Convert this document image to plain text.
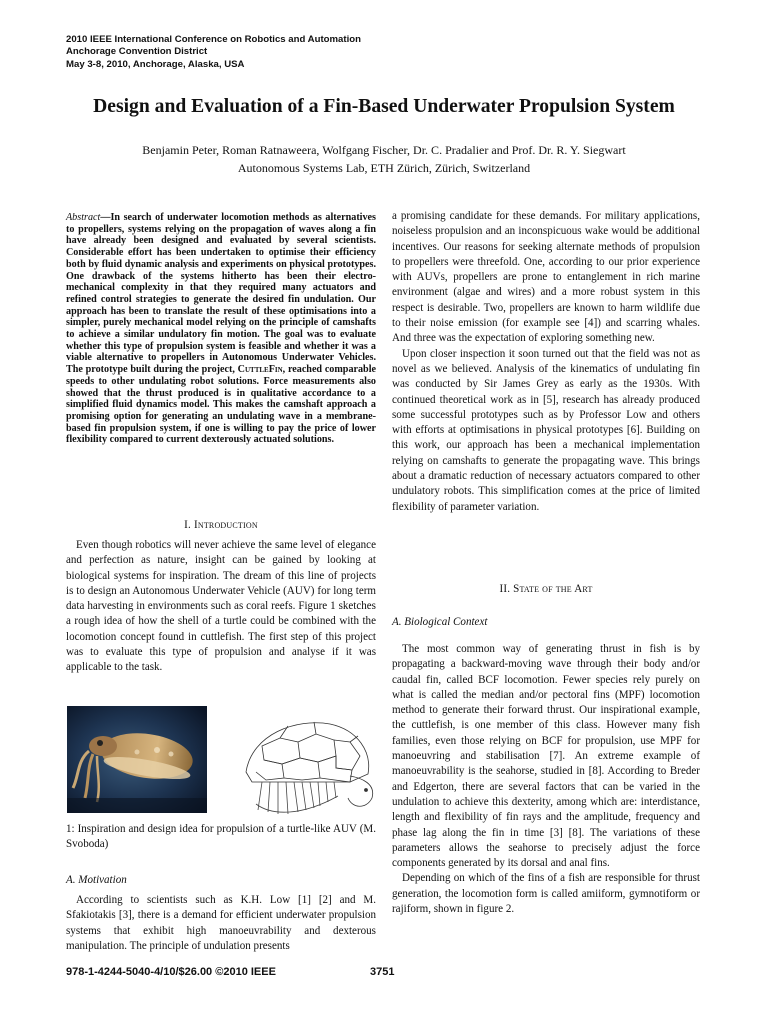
2010 IEEE International Conference on Robotics and Automation
Anchorage Convention District
May 3-8, 2010, Anchorage, Alaska, USA
Design and Evaluation of a Fin-Based Underwater Propulsion System
Benjamin Peter, Roman Ratnaweera, Wolfgang Fischer, Dr. C. Pradalier and Prof. Dr. R. Y. Siegwart
Autonomous Systems Lab, ETH Zürich, Zürich, Switzerland
Abstract—In search of underwater locomotion methods as alternatives to propellers, systems relying on the propagation of waves along a fin have already been designed and evaluated by several scientists. Considerable effort has been undertaken to optimise their efficiency both by fluid dynamic analysis and experiments on physical prototypes. One drawback of the systems hitherto has been their electro-mechanical complexity in that they required many actuators and refined control strategies to generate the desired fin undulation. Our approach has been to translate the result of these optimisations into a simpler, purely mechanical model relying on the principle of camshafts to achieve a similar undulatory fin motion. The goal was to evaluate whether this type of propulsion system is feasible and whether it was a viable alternative to propellers in Autonomous Underwater Vehicles. The prototype built during the project, CuttleFin, reached comparable speeds to other undulating robot solutions. Force measurements also showed that the thrust produced is in qualitative accordance to a simplified fluid dynamics model. This makes the camshaft approach a promising option for generating an undulating wave in a membrane-based fin propulsion system, if one is willing to pay the price of lower flexibility compared to current dexterously actuated solutions.
I. Introduction

Even though robotics will never achieve the same level of elegance and perfection as nature, insight can be gained by looking at biological systems for inspiration. The dream of this line of projects is to design an Autonomous Underwater Vehicle (AUV) for long term data harvesting in environments such as coral reefs. Figure 1 sketches a rough idea of how the shell of a turtle could be combined with the locomotion concept found in cuttlefish. The first step of this project was to evaluate this type of propulsion and analyse if it was applicable to the task.

1: Inspiration and design idea for propulsion of a turtle-like AUV (M. Svoboda)
A. Motivation

According to scientists such as K.H. Low [1] [2] and M. Sfakiotakis [3], there is a demand for efficient underwater propulsion systems that exhibit high manoeuvrability and dexterous manipulation. The principle of undulation presents

a promising candidate for these demands. For military applications, noiseless propulsion and an inconspicuous wake would be additional incentives. Our reasons for seeking alternate methods of propulsion to propellers were threefold. One, according to our prior experience with AUVs, propellers are prone to entanglement in rich marine environment (algae and wires) and a more robust system in this respect is desirable. Two, propellers are known to harm wildlife due to their noise emission (for example see [4]) and scarring whales. And three was the expectation of exploring something new.

Upon closer inspection it soon turned out that the field was not as novel as we believed. Analysis of the kinematics of undulating fin was conducted by Sir James Grey as early as the 1930s. With continued theoretical work as in [5], research has already produced some successful prototypes such as by Professor Low and others with efforts at optimisations in physical prototypes [6]. Building on this work, our approach has been a mechanical implementation relying on camshafts to generate the propagating wave. This brings about a dramatic reduction of necessary actuators compared to other undulatory robots. This simplification comes at the price of limited flexibility of parameter variation.

II. State of the Art
A. Biological Context

The most common way of generating thrust in fish is by propagating a backward-moving wave through their body and/or caudal fin, called BCF locomotion. Fewer species rely purely on what is called the median and/or pectoral fins (MPF) locomotion method to generate their forward thrust. Our inspirational example, the cuttlefish, is one member of this class. However many fish families, even those relying on BCF for propulsion, use MPF for manoeuvring and stabilisation [7]. An extreme example of manoeuvrability is the seahorse, studied in [8]. According to Breder and Edgerton, there are several factors that can be varied in the undulation to achieve this dexterity, among which are: interdistance, length and flexibility of fin rays and the amplitude, frequency and phase lag along the fin in time [3] [8]. The variations of these parameters allows the seahorse to precisely adjust the force components generated by its dorsal and anal fins.

Depending on which of the fins of a fish are responsible for thrust generation, the locomotion form is called amiiform, gymnotiform or rajiform, shown in figure 2.

978-1-4244-5040-4/10/$26.00 ©2010 IEEE	3751
